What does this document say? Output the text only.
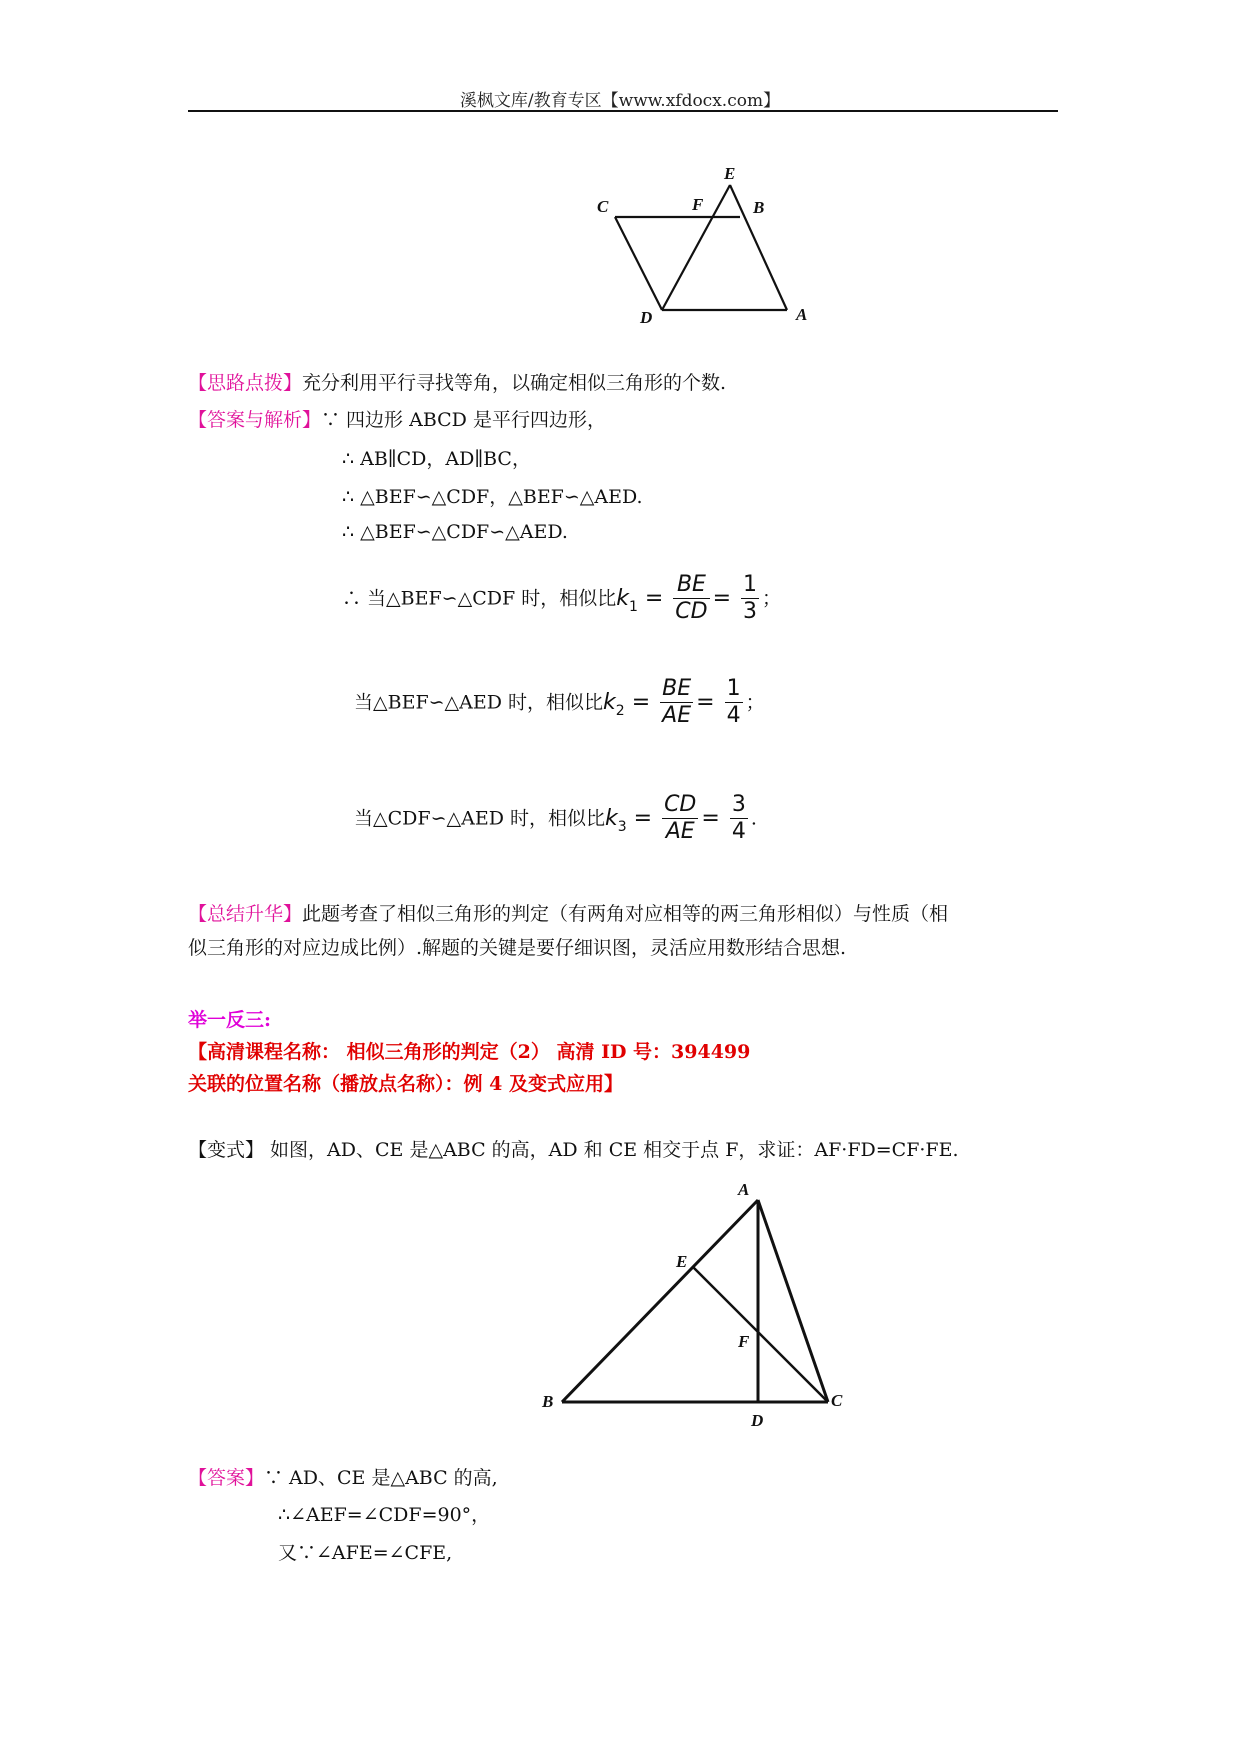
溪枫文库/教育专区【www.xfdocx.com】
C	F
E
B
D	A
【思路点拨】充分利用平行寻找等角，以确定相似三角形的个数.
【答案与解析】∵ 四边形 ABCD 是平行四边形，
∴ AB∥CD，AD∥BC，
∴ △BEF∽△CDF，△BEF∽△AED.
∴ △BEF∽△CDF∽△AED.
∴ 当△BEF∽△CDF 时，相似比$k_1 = \frac{BE}{CD} = \frac{1}{3}$ ；
当△BEF∽△AED 时，相似比$k_2 = \frac{BE}{AE} = \frac{1}{4}$ ；
当△CDF∽△AED 时，相似比$k_3 = \frac{CD}{AE} = \frac{3}{4}$ .
【总结升华】此题考查了相似三角形的判定（有两角对应相等的两三角形相似）与性质（相
似三角形的对应边成比例）.解题的关键是要仔细识图，灵活应用数形结合思想.
举一反三:
【高清课程名称： 相似三角形的判定（2） 高清 ID 号：394499
关联的位置名称（播放点名称）：例 4 及变式应用】
【变式】 如图，AD、CE 是△ABC 的高，AD 和 CE 相交于点 F，求证：AF·FD=CF·FE.
A
E
F
B
D
C
【答案】∵ AD、CE 是△ABC 的高,
∴∠AEF=∠CDF=90°，
又∵∠AFE=∠CFE,
